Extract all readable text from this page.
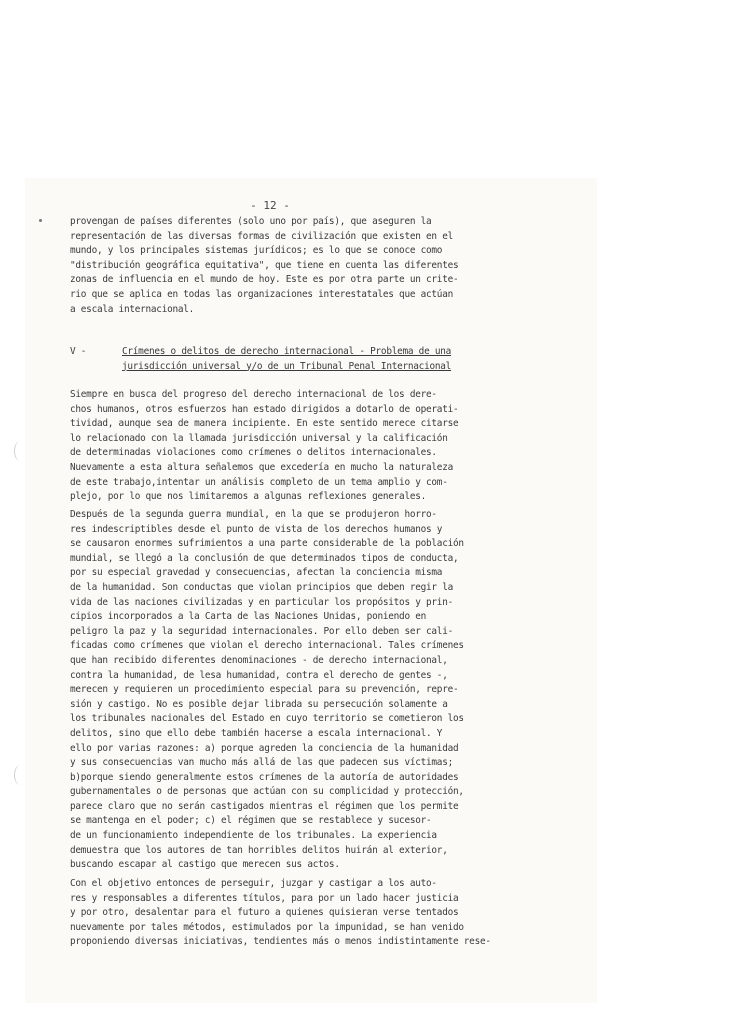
- 12 -
provengan de países diferentes (solo uno por país), que aseguren la
representación de las diversas formas de civilización que existen en el
mundo, y los principales sistemas jurídicos; es lo que se conoce como
"distribución geográfica equitativa", que tiene en cuenta las diferentes
zonas de influencia en el mundo de hoy. Este es por otra parte un crite-
rio que se aplica en todas las organizaciones interestatales que actúan
a escala internacional.
V -	Crímenes o delitos de derecho internacional - Problema de una
jurisdicción universal y/o de un Tribunal Penal Internacional
Siempre en busca del progreso del derecho internacional de los dere-
chos humanos, otros esfuerzos han estado dirigidos a dotarlo de operati-
tividad, aunque sea de manera incipiente. En este sentido merece citarse
lo relacionado con la llamada jurisdicción universal y la calificación
de determinadas violaciones como crímenes o delitos internacionales.
Nuevamente a esta altura señalemos que excedería en mucho la naturaleza
de este trabajo,intentar un análisis completo de un tema amplio y com-
plejo, por lo que nos limitaremos a algunas reflexiones generales.
Después de la segunda guerra mundial, en la que se produjeron horro-
res indescriptibles desde el punto de vista de los derechos humanos y
se causaron enormes sufrimientos a una parte considerable de la población
mundial, se llegó a la conclusión de que determinados tipos de conducta,
por su especial gravedad y consecuencias, afectan la conciencia misma
de la humanidad. Son conductas que violan principios que deben regir la
vida de las naciones civilizadas y en particular los propósitos y prin-
cipios incorporados a la Carta de las Naciones Unidas, poniendo en
peligro la paz y la seguridad internacionales. Por ello deben ser cali-
ficadas como crímenes que violan el derecho internacional. Tales crímenes
que han recibido diferentes denominaciones - de derecho internacional,
contra la humanidad, de lesa humanidad, contra el derecho de gentes -,
merecen y requieren un procedimiento especial para su prevención, repre-
sión y castigo. No es posible dejar librada su persecución solamente a
los tribunales nacionales del Estado en cuyo territorio se cometieron los
delitos, sino que ello debe también hacerse a escala internacional. Y
ello por varias razones: a) porque agreden la conciencia de la humanidad
y sus consecuencias van mucho más allá de las que padecen sus víctimas;
b)porque siendo generalmente estos crímenes de la autoría de autoridades
gubernamentales o de personas que actúan con su complicidad y protección,
parece claro que no serán castigados mientras el régimen que los permite
se mantenga en el poder; c) el régimen que se restablece y sucesor-
de un funcionamiento independiente de los tribunales. La experiencia
demuestra que los autores de tan horribles delitos huirán al exterior,
buscando escapar al castigo que merecen sus actos.
Con el objetivo entonces de perseguir, juzgar y castigar a los auto-
res y responsables a diferentes títulos, para por un lado hacer justicia
y por otro, desalentar para el futuro a quienes quisieran verse tentados
nuevamente por tales métodos, estimulados por la impunidad, se han venido
proponiendo diversas iniciativas, tendientes más o menos indistintamente rese-
